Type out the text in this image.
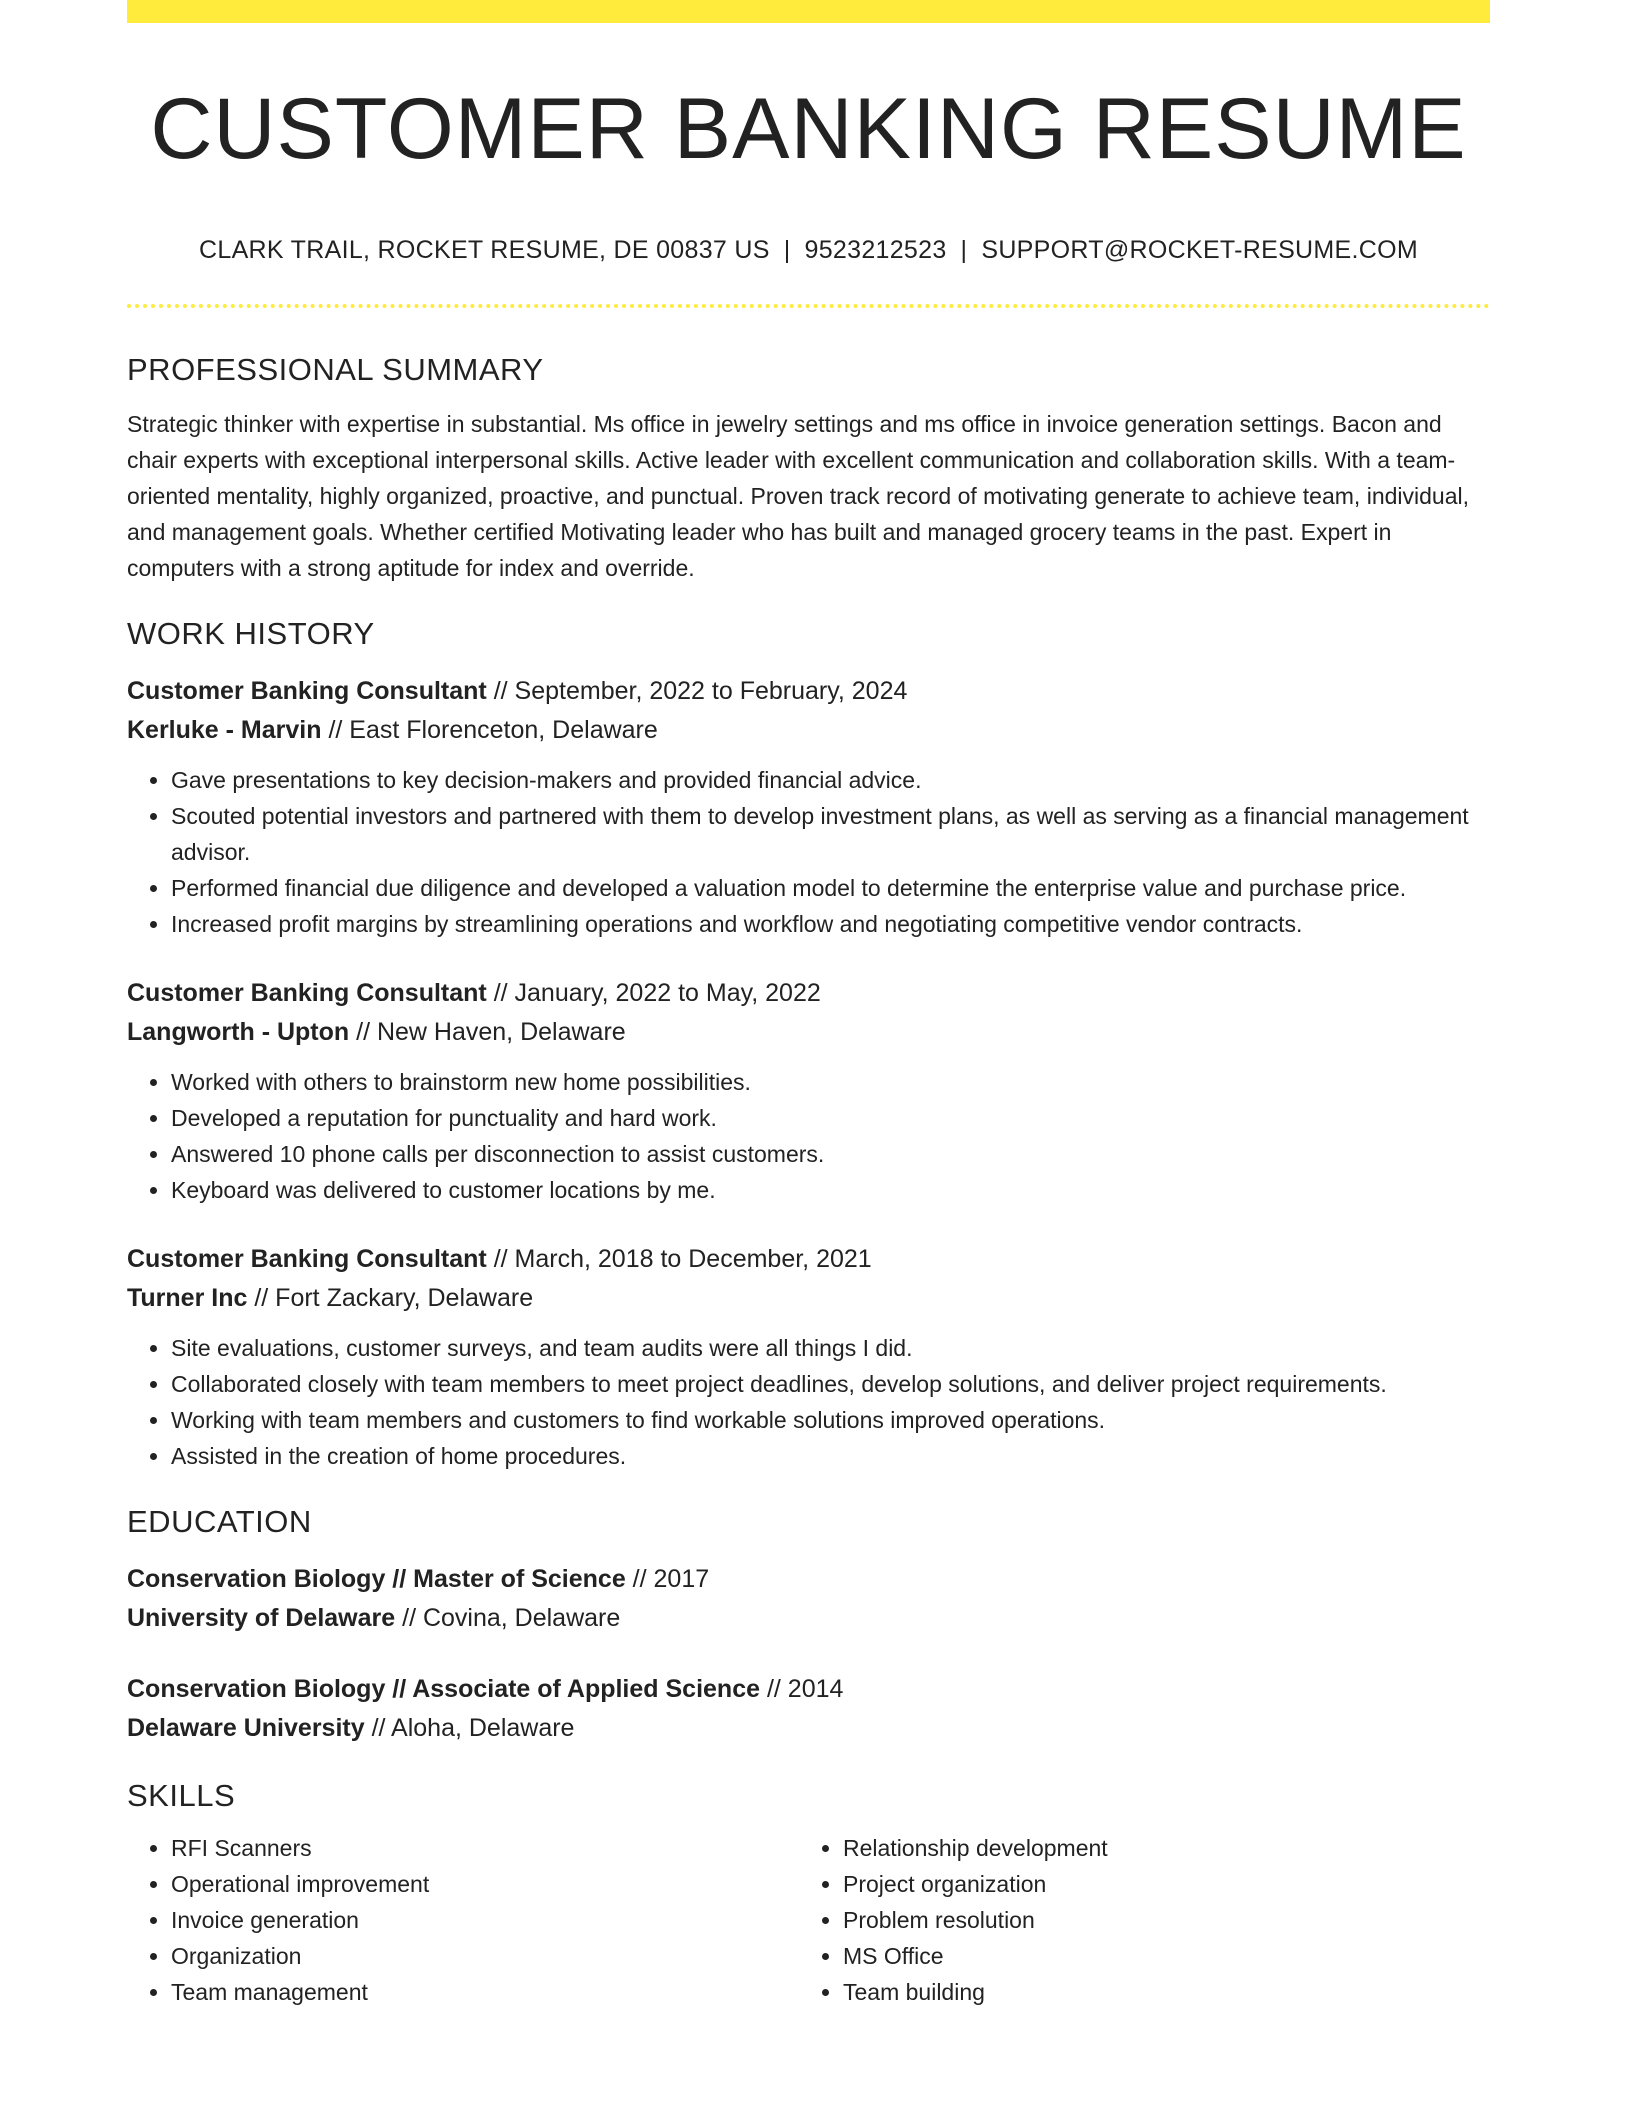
CUSTOMER BANKING RESUME
CLARK TRAIL, ROCKET RESUME, DE 00837 US | 9523212523 | SUPPORT@ROCKET-RESUME.COM
PROFESSIONAL SUMMARY

Strategic thinker with expertise in substantial. Ms office in jewelry settings and ms office in invoice generation settings. Bacon and chair experts with exceptional interpersonal skills. Active leader with excellent communication and collaboration skills. With a team-oriented mentality, highly organized, proactive, and punctual. Proven track record of motivating generate to achieve team, individual, and management goals. Whether certified Motivating leader who has built and managed grocery teams in the past. Expert in computers with a strong aptitude for index and override.

WORK HISTORY
Customer Banking Consultant // September, 2022 to February, 2024
Kerluke - Marvin // East Florenceton, Delaware
• Gave presentations to key decision-makers and provided financial advice.
• Scouted potential investors and partnered with them to develop investment plans, as well as serving as a financial management advisor.
• Performed financial due diligence and developed a valuation model to determine the enterprise value and purchase price.
• Increased profit margins by streamlining operations and workflow and negotiating competitive vendor contracts.
Customer Banking Consultant // January, 2022 to May, 2022
Langworth - Upton // New Haven, Delaware
• Worked with others to brainstorm new home possibilities.
• Developed a reputation for punctuality and hard work.
• Answered 10 phone calls per disconnection to assist customers.
• Keyboard was delivered to customer locations by me.
Customer Banking Consultant // March, 2018 to December, 2021
Turner Inc // Fort Zackary, Delaware
• Site evaluations, customer surveys, and team audits were all things I did.
• Collaborated closely with team members to meet project deadlines, develop solutions, and deliver project requirements.
• Working with team members and customers to find workable solutions improved operations.
• Assisted in the creation of home procedures.
EDUCATION
Conservation Biology // Master of Science // 2017
University of Delaware // Covina, Delaware
Conservation Biology // Associate of Applied Science // 2014
Delaware University // Aloha, Delaware
SKILLS
• RFI Scanners
• Operational improvement
• Invoice generation
• Organization
• Team management
• Relationship development
• Project organization
• Problem resolution
• MS Office
• Team building
